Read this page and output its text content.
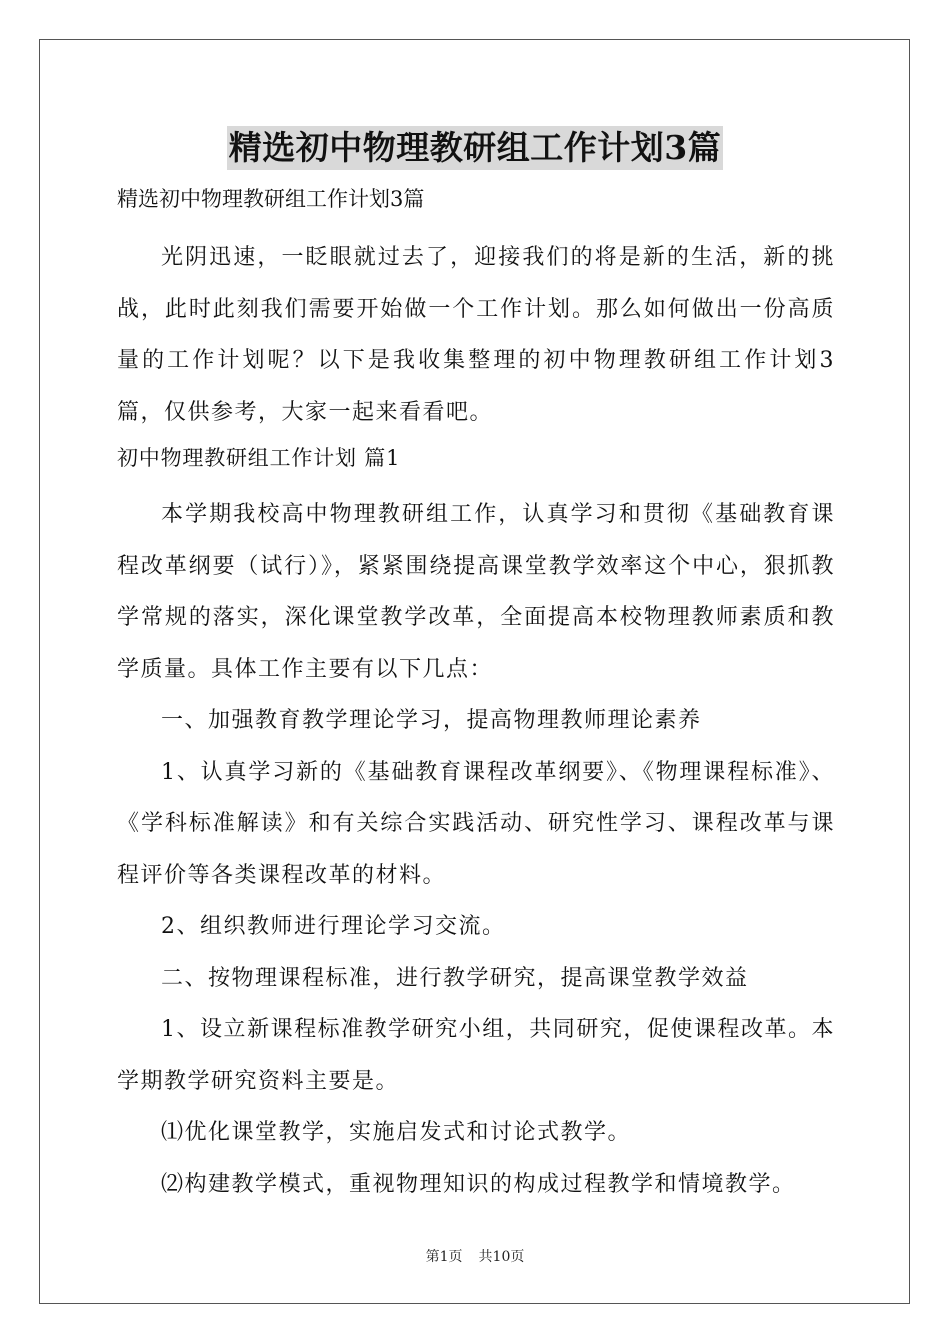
精选初中物理教研组工作计划3篇
精选初中物理教研组工作计划3篇

光阴迅速，一眨眼就过去了，迎接我们的将是新的生活，新的挑战，此时此刻我们需要开始做一个工作计划。那么如何做出一份高质量的工作计划呢？以下是我收集整理的初中物理教研组工作计划3篇，仅供参考，大家一起来看看吧。

初中物理教研组工作计划 篇1

本学期我校高中物理教研组工作，认真学习和贯彻《基础教育课程改革纲要（试行）》，紧紧围绕提高课堂教学效率这个中心，狠抓教学常规的落实，深化课堂教学改革，全面提高本校物理教师素质和教学质量。具体工作主要有以下几点：

一、加强教育教学理论学习，提高物理教师理论素养

1、认真学习新的《基础教育课程改革纲要》、《物理课程标准》、《学科标准解读》和有关综合实践活动、研究性学习、课程改革与课程评价等各类课程改革的材料。

2、组织教师进行理论学习交流。

二、按物理课程标准，进行教学研究，提高课堂教学效益

1、设立新课程标准教学研究小组，共同研究，促使课程改革。本学期教学研究资料主要是。

⑴优化课堂教学，实施启发式和讨论式教学。

⑵构建教学模式，重视物理知识的构成过程教学和情境教学。

第1页 共10页
